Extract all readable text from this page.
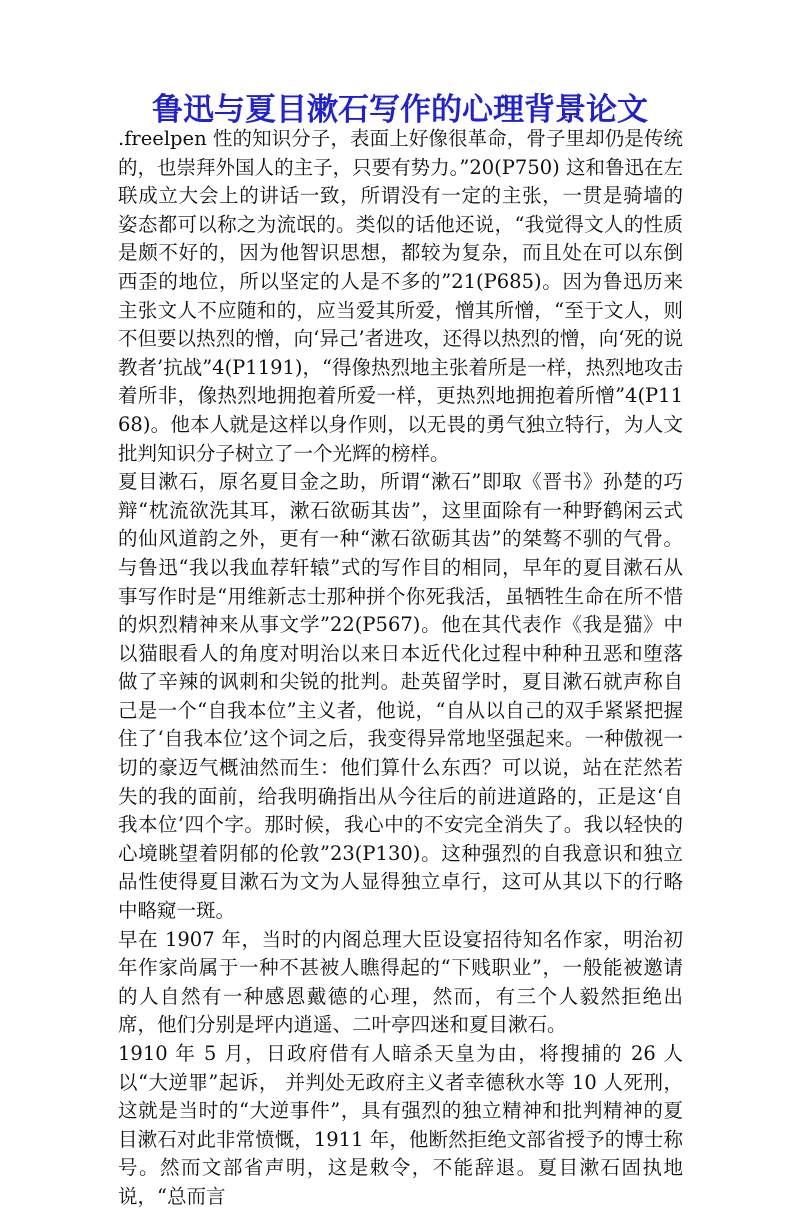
鲁迅与夏目漱石写作的心理背景论文

.freelpen 性的知识分子，表面上好像很革命，骨子里却仍是传统的，也崇拜外国人的主子，只要有势力。”20(P750) 这和鲁迅在左联成立大会上的讲话一致，所谓没有一定的主张，一贯是骑墙的姿态都可以称之为流氓的。类似的话他还说，“我觉得文人的性质是颇不好的，因为他智识思想，都较为复杂，而且处在可以东倒西歪的地位，所以坚定的人是不多的”21(P685)。因为鲁迅历来主张文人不应随和的，应当爱其所爱，憎其所憎，“至于文人，则不但要以热烈的憎，向‘异己’者进攻，还得以热烈的憎，向‘死的说教者’抗战”4(P1191)，“得像热烈地主张着所是一样，热烈地攻击着所非，像热烈地拥抱着所爱一样，更热烈地拥抱着所憎”4(P1168)。他本人就是这样以身作则，以无畏的勇气独立特行，为人文批判知识分子树立了一个光辉的榜样。

夏目漱石，原名夏目金之助，所谓“漱石”即取《晋书》孙楚的巧辩“枕流欲洗其耳，漱石欲砺其齿”，这里面除有一种野鹤闲云式的仙风道韵之外，更有一种“漱石欲砺其齿”的桀骜不驯的气骨。与鲁迅“我以我血荐轩辕”式的写作目的相同，早年的夏目漱石从事写作时是“用维新志士那种拼个你死我活，虽牺牲生命在所不惜的炽烈精神来从事文学”22(P567)。他在其代表作《我是猫》中以猫眼看人的角度对明治以来日本近代化过程中种种丑恶和堕落做了辛辣的讽刺和尖锐的批判。赴英留学时，夏目漱石就声称自己是一个“自我本位”主义者，他说，“自从以自己的双手紧紧把握住了‘自我本位’这个词之后，我变得异常地坚强起来。一种傲视一切的豪迈气概油然而生：他们算什么东西？可以说，站在茫然若失的我的面前，给我明确指出从今往后的前进道路的，正是这‘自我本位’四个字。那时候，我心中的不安完全消失了。我以轻快的心境眺望着阴郁的伦敦”23(P130)。这种强烈的自我意识和独立品性使得夏目漱石为文为人显得独立卓行，这可从其以下的行略中略窥一斑。

早在 1907 年，当时的内阁总理大臣设宴招待知名作家，明治初年作家尚属于一种不甚被人瞧得起的“下贱职业”，一般能被邀请的人自然有一种感恩戴德的心理，然而，有三个人毅然拒绝出席，他们分别是坪内逍遥、二叶亭四迷和夏目漱石。

1910 年 5 月，日政府借有人暗杀天皇为由，将搜捕的 26 人以“大逆罪”起诉， 并判处无政府主义者幸德秋水等 10 人死刑，这就是当时的“大逆事件”，具有强烈的独立精神和批判精神的夏目漱石对此非常愤慨，1911 年，他断然拒绝文部省授予的博士称号。然而文部省声明，这是敕令，不能辞退。夏目漱石固执地说，“总而言
